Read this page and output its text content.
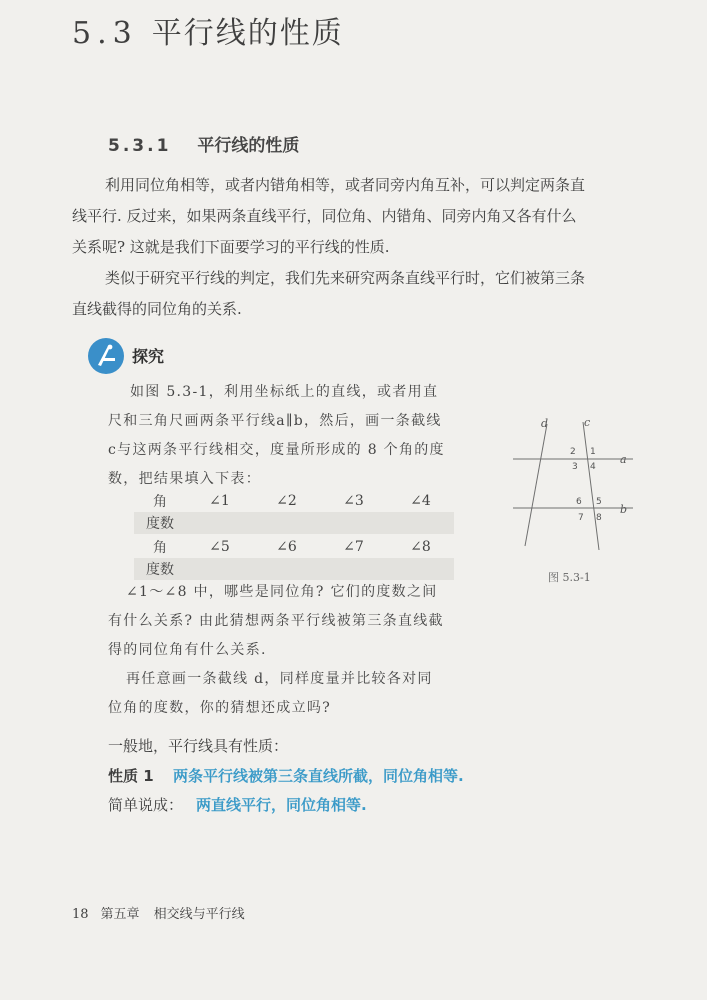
5.3 平行线的性质
5.3.1 平行线的性质
利用同位角相等，或者内错角相等，或者同旁内角互补，可以判定两条直
线平行. 反过来，如果两条直线平行，同位角、内错角、同旁内角又各有什么
关系呢? 这就是我们下面要学习的平行线的性质.
类似于研究平行线的判定，我们先来研究两条直线平行时，它们被第三条
直线截得的同位角的关系.
探究
如图 5.3-1，利用坐标纸上的直线，或者用直
尺和三角尺画两条平行线a∥b，然后，画一条截线
c与这两条平行线相交，度量所形成的 8 个角的度
数，把结果填入下表：
角	∠1	∠2	∠3	∠4
度数				

角	∠5	∠6	∠7	∠8
度数				
∠1～∠8 中，哪些是同位角? 它们的度数之间
有什么关系? 由此猜想两条平行线被第三条直线截
得的同位角有什么关系.
再任意画一条截线 d，同样度量并比较各对同
位角的度数，你的猜想还成立吗?
d	c
a
b
2 1
3 4
6 5
7 8
图 5.3-1
一般地，平行线具有性质：
性质 1 两条平行线被第三条直线所截，同位角相等.
简单说成： 两直线平行，同位角相等.
18 第五章 相交线与平行线
